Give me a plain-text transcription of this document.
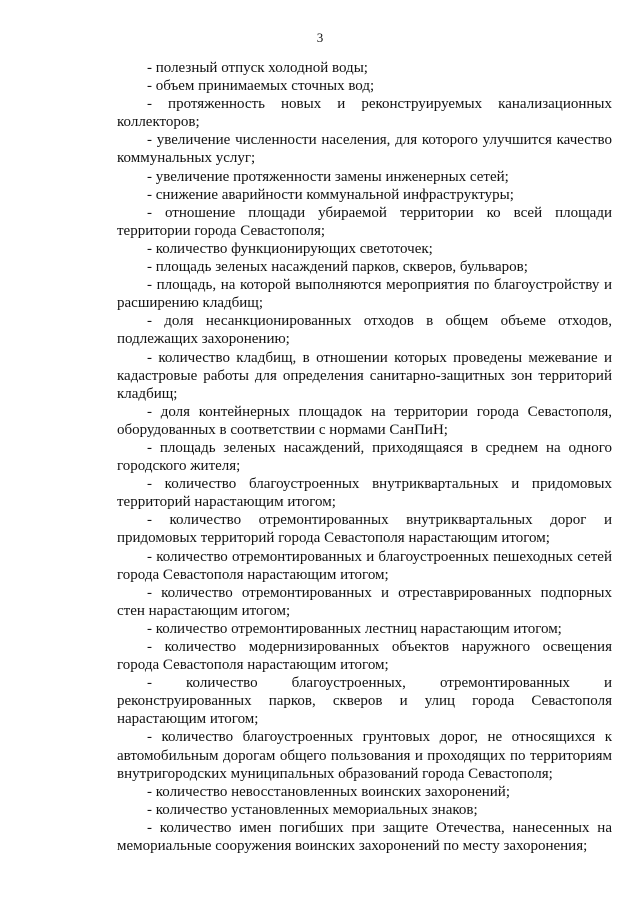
3

- полезный отпуск холодной воды;

- объем принимаемых сточных вод;

- протяженность новых и реконструируемых канализационных коллекторов;

- увеличение численности населения, для которого улучшится качество коммунальных услуг;

- увеличение протяженности замены инженерных сетей;

- снижение аварийности коммунальной инфраструктуры;

- отношение площади убираемой территории ко всей площади территории города Севастополя;

- количество функционирующих светоточек;

- площадь зеленых насаждений парков, скверов, бульваров;

- площадь, на которой выполняются мероприятия по благоустройству и расширению кладбищ;

- доля несанкционированных отходов в общем объеме отходов, подлежащих захоронению;

- количество кладбищ, в отношении которых проведены межевание и кадастровые работы для определения санитарно-защитных зон территорий кладбищ;

- доля контейнерных площадок на территории города Севастополя, оборудованных в соответствии с нормами СанПиН;

- площадь зеленых насаждений, приходящаяся в среднем на одного городского жителя;

- количество благоустроенных внутриквартальных и придомовых территорий нарастающим итогом;

- количество отремонтированных внутриквартальных дорог и придомовых территорий города Севастополя нарастающим итогом;

- количество отремонтированных и благоустроенных пешеходных сетей города Севастополя нарастающим итогом;

- количество отремонтированных и отреставрированных подпорных стен нарастающим итогом;

- количество отремонтированных лестниц нарастающим итогом;

- количество модернизированных объектов наружного освещения города Севастополя нарастающим итогом;

- количество благоустроенных, отремонтированных и реконструированных парков, скверов и улиц города Севастополя нарастающим итогом;

- количество благоустроенных грунтовых дорог, не относящихся к автомобильным дорогам общего пользования и проходящих по территориям внутригородских муниципальных образований города Севастополя;

- количество невосстановленных воинских захоронений;

- количество установленных мемориальных знаков;

- количество имен погибших при защите Отечества, нанесенных на мемориальные сооружения воинских захоронений по месту захоронения;
